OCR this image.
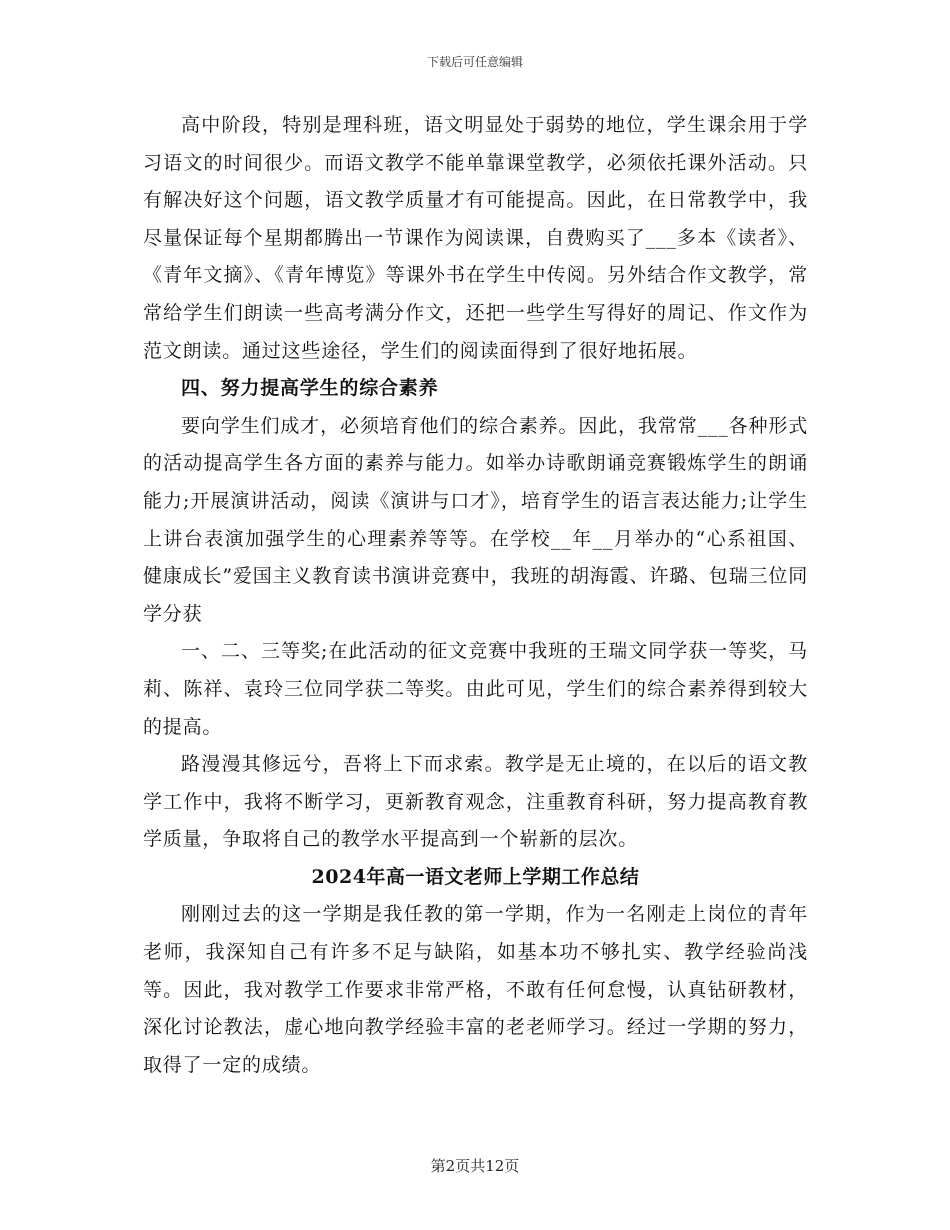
下载后可任意编辑

高中阶段，特别是理科班，语文明显处于弱势的地位，学生课余用于学习语文的时间很少。而语文教学不能单靠课堂教学，必须依托课外活动。只有解决好这个问题，语文教学质量才有可能提高。因此，在日常教学中，我尽量保证每个星期都腾出一节课作为阅读课，自费购买了___多本《读者》、《青年文摘》、《青年博览》等课外书在学生中传阅。另外结合作文教学，常常给学生们朗读一些高考满分作文，还把一些学生写得好的周记、作文作为范文朗读。通过这些途径，学生们的阅读面得到了很好地拓展。

四、努力提高学生的综合素养

要向学生们成才，必须培育他们的综合素养。因此，我常常___各种形式的活动提高学生各方面的素养与能力。如举办诗歌朗诵竞赛锻炼学生的朗诵能力;开展演讲活动，阅读《演讲与口才》，培育学生的语言表达能力;让学生上讲台表演加强学生的心理素养等等。在学校__年__月举办的“心系祖国、健康成长”爱国主义教育读书演讲竞赛中，我班的胡海霞、许璐、包瑞三位同学分获

一、二、三等奖;在此活动的征文竞赛中我班的王瑞文同学获一等奖，马莉、陈祥、袁玲三位同学获二等奖。由此可见，学生们的综合素养得到较大的提高。

路漫漫其修远兮，吾将上下而求索。教学是无止境的，在以后的语文教学工作中，我将不断学习，更新教育观念，注重教育科研，努力提高教育教学质量，争取将自己的教学水平提高到一个崭新的层次。

2024年高一语文老师上学期工作总结

刚刚过去的这一学期是我任教的第一学期，作为一名刚走上岗位的青年老师，我深知自己有许多不足与缺陷，如基本功不够扎实、教学经验尚浅等。因此，我对教学工作要求非常严格，不敢有任何怠慢，认真钻研教材，深化讨论教法，虚心地向教学经验丰富的老老师学习。经过一学期的努力，取得了一定的成绩。

第2页共12页
